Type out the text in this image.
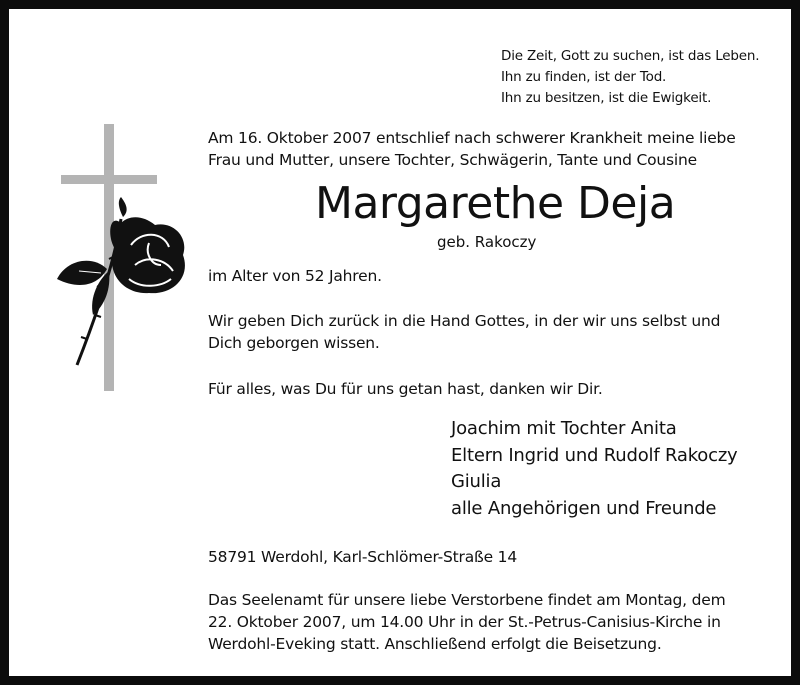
Die Zeit, Gott zu suchen, ist das Leben.
Ihn zu finden, ist der Tod.
Ihn zu besitzen, ist die Ewigkeit.
Am 16. Oktober 2007 entschlief nach schwerer Krankheit meine liebe
Frau und Mutter, unsere Tochter, Schwägerin, Tante und Cousine
Margarethe Deja
geb. Rakoczy
im Alter von 52 Jahren.
Wir geben Dich zurück in die Hand Gottes, in der wir uns selbst und
Dich geborgen wissen.
Für alles, was Du für uns getan hast, danken wir Dir.
Joachim mit Tochter Anita
Eltern Ingrid und Rudolf Rakoczy
Giulia
alle Angehörigen und Freunde
58791 Werdohl, Karl-Schlömer-Straße 14
Das Seelenamt für unsere liebe Verstorbene findet am Montag, dem
22. Oktober 2007, um 14.00 Uhr in der St.-Petrus-Canisius-Kirche in
Werdohl-Eveking statt. Anschließend erfolgt die Beisetzung.
